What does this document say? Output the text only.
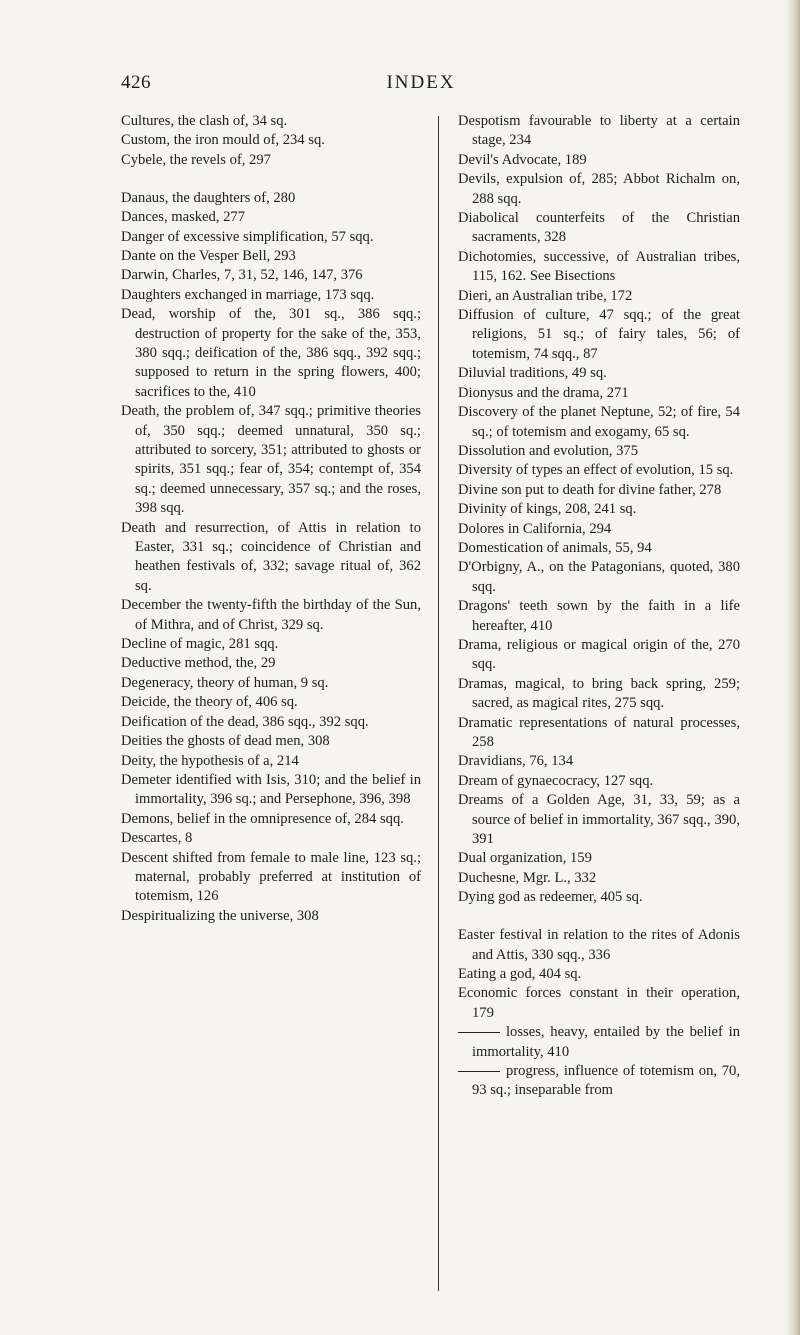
426	INDEX

Cultures, the clash of, 34 sq.

Custom, the iron mould of, 234 sq.

Cybele, the revels of, 297

Danaus, the daughters of, 280

Dances, masked, 277

Danger of excessive simplification, 57 sqq.

Dante on the Vesper Bell, 293

Darwin, Charles, 7, 31, 52, 146, 147, 376

Daughters exchanged in marriage, 173 sqq.

Dead, worship of the, 301 sq., 386 sqq.; destruction of property for the sake of the, 353, 380 sqq.; deification of the, 386 sqq., 392 sqq.; supposed to return in the spring flowers, 400; sacrifices to the, 410

Death, the problem of, 347 sqq.; primitive theories of, 350 sqq.; deemed unnatural, 350 sq.; attributed to sorcery, 351; attributed to ghosts or spirits, 351 sqq.; fear of, 354; contempt of, 354 sq.; deemed unnecessary, 357 sq.; and the roses, 398 sqq.

Death and resurrection, of Attis in relation to Easter, 331 sq.; coincidence of Christian and heathen festivals of, 332; savage ritual of, 362 sq.

December the twenty-fifth the birthday of the Sun, of Mithra, and of Christ, 329 sq.

Decline of magic, 281 sqq.

Deductive method, the, 29

Degeneracy, theory of human, 9 sq.

Deicide, the theory of, 406 sq.

Deification of the dead, 386 sqq., 392 sqq.

Deities the ghosts of dead men, 308

Deity, the hypothesis of a, 214

Demeter identified with Isis, 310; and the belief in immortality, 396 sq.; and Persephone, 396, 398

Demons, belief in the omnipresence of, 284 sqq.

Descartes, 8

Descent shifted from female to male line, 123 sq.; maternal, probably preferred at institution of totemism, 126

Despiritualizing the universe, 308

Despotism favourable to liberty at a certain stage, 234

Devil's Advocate, 189

Devils, expulsion of, 285; Abbot Richalm on, 288 sqq.

Diabolical counterfeits of the Christian sacraments, 328

Dichotomies, successive, of Australian tribes, 115, 162. See Bisections

Dieri, an Australian tribe, 172

Diffusion of culture, 47 sqq.; of the great religions, 51 sq.; of fairy tales, 56; of totemism, 74 sqq., 87

Diluvial traditions, 49 sq.

Dionysus and the drama, 271

Discovery of the planet Neptune, 52; of fire, 54 sq.; of totemism and exogamy, 65 sq.

Dissolution and evolution, 375

Diversity of types an effect of evolution, 15 sq.

Divine son put to death for divine father, 278

Divinity of kings, 208, 241 sq.

Dolores in California, 294

Domestication of animals, 55, 94

D'Orbigny, A., on the Patagonians, quoted, 380 sqq.

Dragons' teeth sown by the faith in a life hereafter, 410

Drama, religious or magical origin of the, 270 sqq.

Dramas, magical, to bring back spring, 259; sacred, as magical rites, 275 sqq.

Dramatic representations of natural processes, 258

Dravidians, 76, 134

Dream of gynaecocracy, 127 sqq.

Dreams of a Golden Age, 31, 33, 59; as a source of belief in immortality, 367 sqq., 390, 391

Dual organization, 159

Duchesne, Mgr. L., 332

Dying god as redeemer, 405 sq.

Easter festival in relation to the rites of Adonis and Attis, 330 sqq., 336

Eating a god, 404 sq.

Economic forces constant in their operation, 179

losses, heavy, entailed by the belief in immortality, 410

progress, influence of totemism on, 70, 93 sq.; inseparable from
